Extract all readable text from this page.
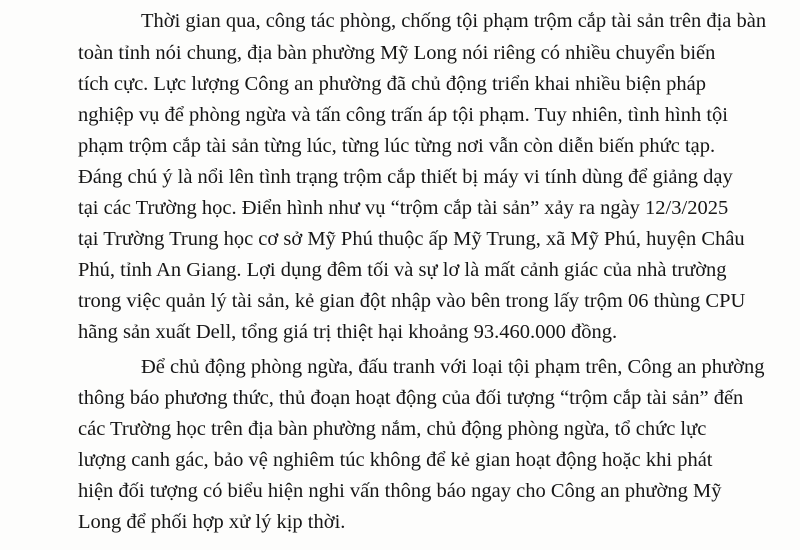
Thời gian qua, công tác phòng, chống tội phạm trộm cắp tài sản trên địa bàn
toàn tỉnh nói chung, địa bàn phường Mỹ Long nói riêng có nhiều chuyển biến
tích cực. Lực lượng Công an phường đã chủ động triển khai nhiều biện pháp
nghiệp vụ để phòng ngừa và tấn công trấn áp tội phạm. Tuy nhiên, tình hình tội
phạm trộm cắp tài sản từng lúc, từng lúc từng nơi vẫn còn diễn biến phức tạp.
Đáng chú ý là nổi lên tình trạng trộm cắp thiết bị máy vi tính dùng để giảng dạy
tại các Trường học. Điển hình như vụ “trộm cắp tài sản” xảy ra ngày 12/3/2025
tại Trường Trung học cơ sở Mỹ Phú thuộc ấp Mỹ Trung, xã Mỹ Phú, huyện Châu
Phú, tỉnh An Giang. Lợi dụng đêm tối và sự lơ là mất cảnh giác của nhà trường
trong việc quản lý tài sản, kẻ gian đột nhập vào bên trong lấy trộm 06 thùng CPU
hãng sản xuất Dell, tổng giá trị thiệt hại khoảng 93.460.000 đồng.
Để chủ động phòng ngừa, đấu tranh với loại tội phạm trên, Công an phường
thông báo phương thức, thủ đoạn hoạt động của đối tượng “trộm cắp tài sản” đến
các Trường học trên địa bàn phường nắm, chủ động phòng ngừa, tổ chức lực
lượng canh gác, bảo vệ nghiêm túc không để kẻ gian hoạt động hoặc khi phát
hiện đối tượng có biểu hiện nghi vấn thông báo ngay cho Công an phường Mỹ
Long để phối hợp xử lý kịp thời.
